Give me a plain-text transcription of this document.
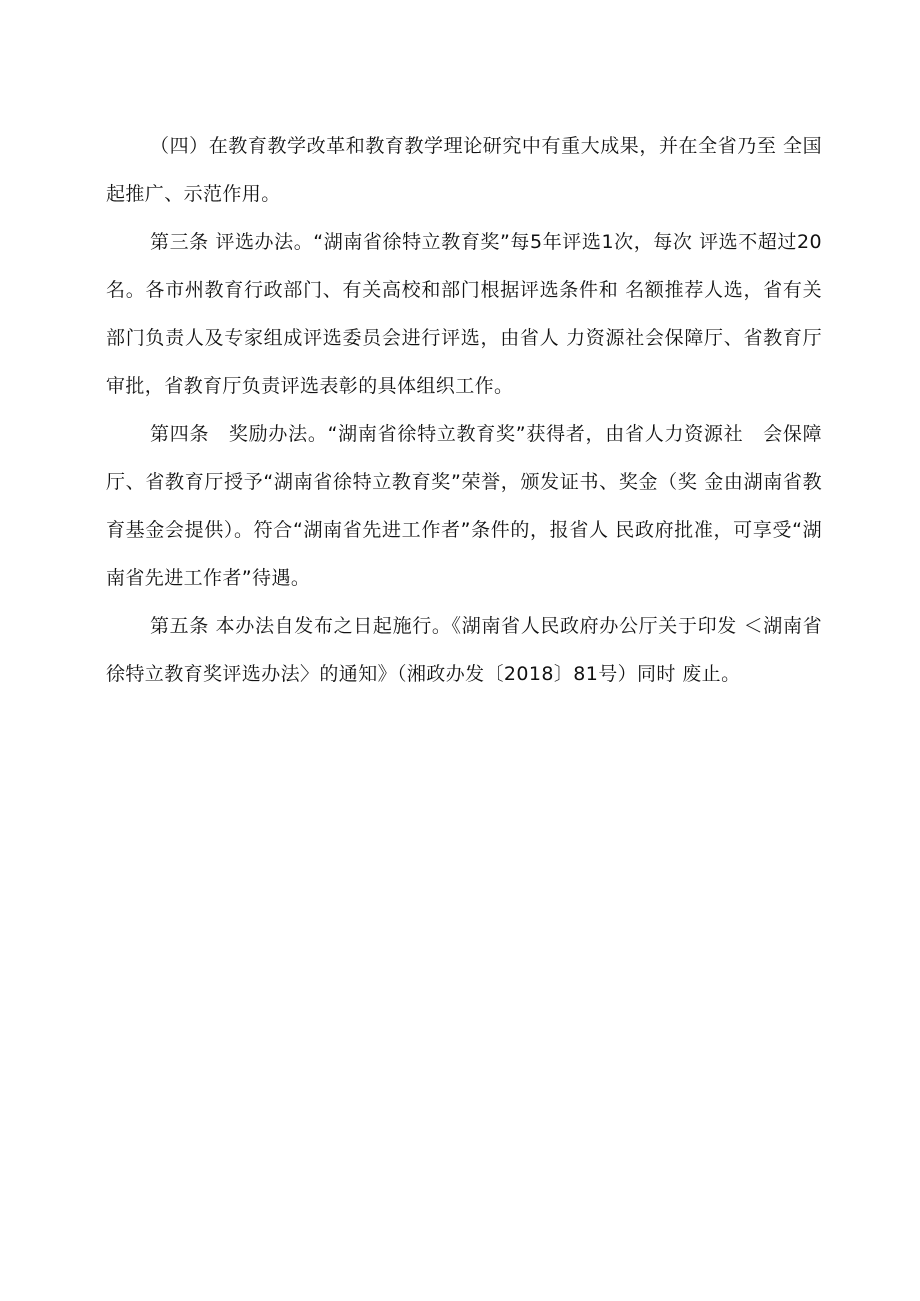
（四）在教育教学改革和教育教学理论研究中有重大成果，并在全省乃至 全国起推广、示范作用。

第三条 评选办法。“湖南省徐特立教育奖”每5年评选1次，每次 评选不超过20名。各市州教育行政部门、有关高校和部门根据评选条件和 名额推荐人选，省有关部门负责人及专家组成评选委员会进行评选，由省人 力资源社会保障厅、省教育厅审批，省教育厅负责评选表彰的具体组织工作。

第四条　奖励办法。“湖南省徐特立教育奖”获得者，由省人力资源社　会保障厅、省教育厅授予“湖南省徐特立教育奖”荣誉，颁发证书、奖金（奖 金由湖南省教育基金会提供）。符合“湖南省先进工作者”条件的，报省人 民政府批准，可享受“湖南省先进工作者”待遇。

第五条 本办法自发布之日起施行。《湖南省人民政府办公厅关于印发 ＜湖南省徐特立教育奖评选办法〉的通知》（湘政办发〔2018〕81号）同时 废止。
